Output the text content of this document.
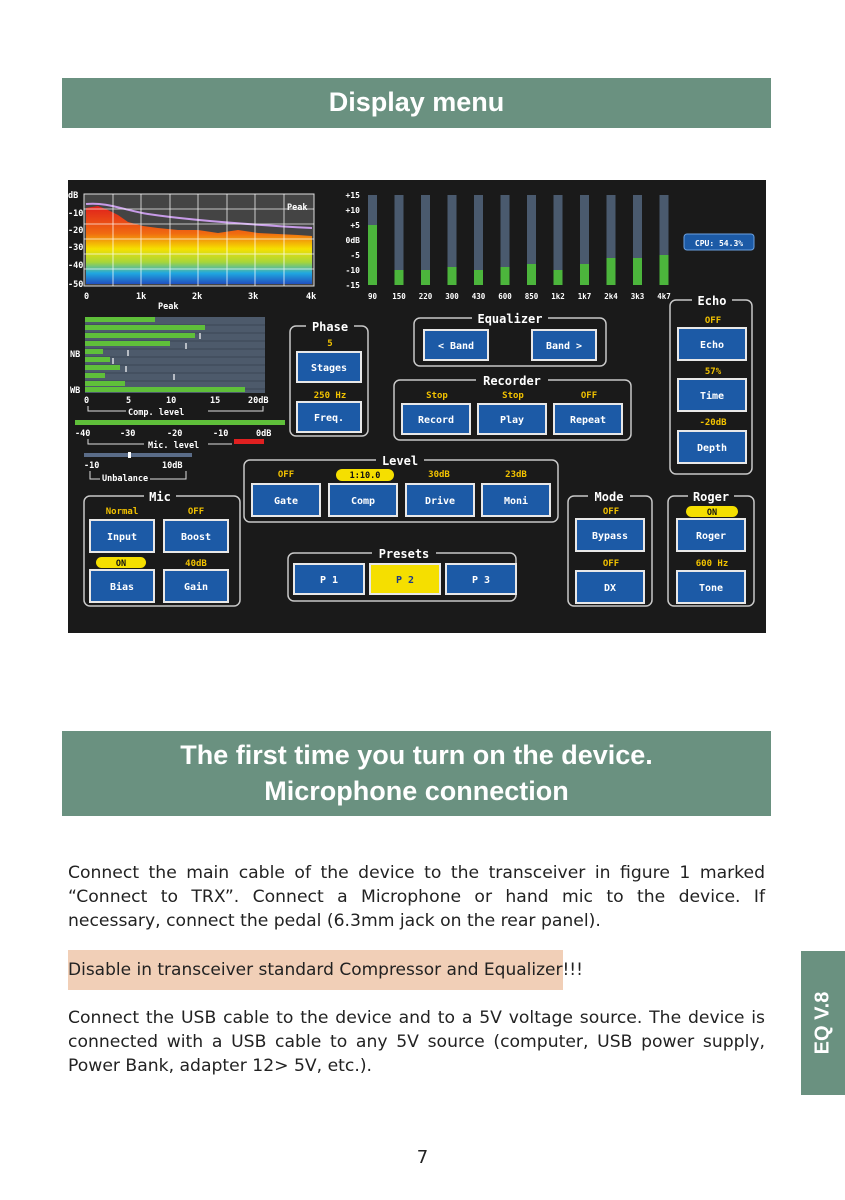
Display menu
dB
-10
-20
-30
-40
-50
0	1k	2k	3k	4k
Peak
Peak
+15
+10
+5
0dB
-5
-10
-15
90 150 220 300 430 600 850 1k2 1k7 2k4 3k3 4k7
CPU: 54.3%
NB
WB
0	5	10	15	20dB
Comp. level
-40	-30	-20	-10	0dB
Mic. level
-10	10dB
Unbalance
Phase
Equalizer
Recorder
Echo
Level
Mic
Presets
Mode	Roger
5
250 Hz	Stop	Stop	OFF
OFF
57%
-20dB
OFF	30dB	23dB
Normal	OFF
40dB
OFF
OFF	600 Hz
1:10.0
ON
ON
Stages
Freq.
< Band	Band >
Record	Play	Repeat
Echo
Time
Depth
Gate	Comp	Drive	Moni
Input	Boost
Bias	Gain
P 1	P 2	P 3
Bypass
DX
Roger
Tone
The first time you turn on the device.
Microphone connection
Connect the main cable of the device to the transceiver in figure 1 marked “Connect to TRX”. Connect a Microphone or hand mic to the device. If necessary, connect the pedal (6.3mm jack on the rear panel).
Disable in transceiver standard Compressor and Equalizer!!!
Connect the USB cable to the device and to a 5V voltage source. The device is connected with a USB cable to any 5V source (computer, USB power supply, Power Bank, adapter 12> 5V, etc.).
7
EQ V.8
